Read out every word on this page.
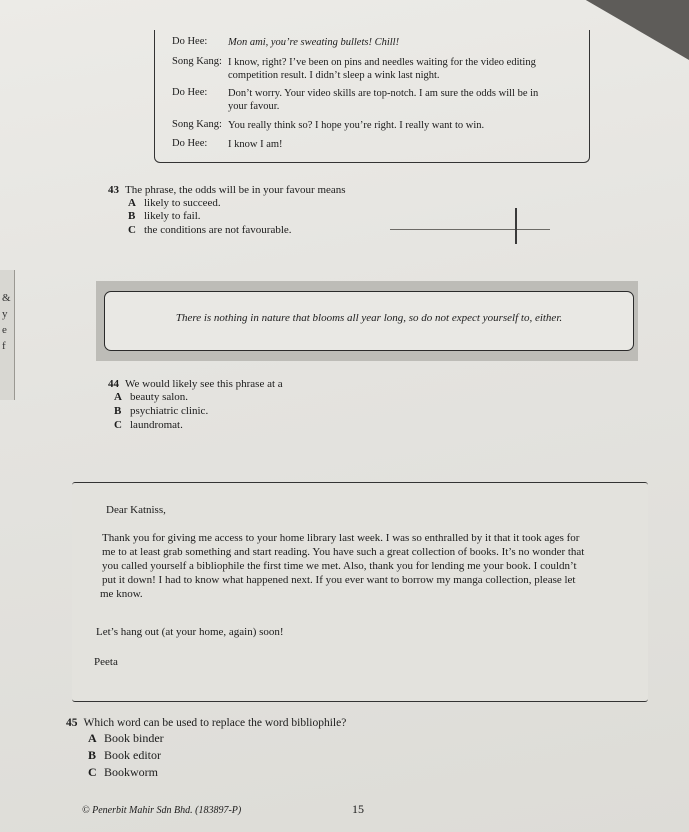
&
y
e
f
Do Hee: Mon ami, you’re sweating bullets! Chill!
Song Kang: I know, right? I’ve been on pins and needles waiting for the video editing
competition result. I didn’t sleep a wink last night.
Do Hee: Don’t worry. Your video skills are top-notch. I am sure the odds will be in
your favour.
Song Kang: You really think so? I hope you’re right. I really want to win.
Do Hee: I know I am!
43 The phrase, the odds will be in your favour means
A likely to succeed.
B likely to fail.
C the conditions are not favourable.
There is nothing in nature that blooms all year long, so do not expect yourself to, either.
44 We would likely see this phrase at a
A beauty salon.
B psychiatric clinic.
C laundromat.
Dear Katniss,
Thank you for giving me access to your home library last week. I was so enthralled by it that it took ages for
me to at least grab something and start reading. You have such a great collection of books. It’s no wonder that
you called yourself a bibliophile the first time we met. Also, thank you for lending me your book. I couldn’t
put it down! I had to know what happened next. If you ever want to borrow my manga collection, please let
me know.
Let’s hang out (at your home, again) soon!
Peeta
45 Which word can be used to replace the word bibliophile?
A Book binder
B Book editor
C Bookworm
© Penerbit Mahir Sdn Bhd. (183897-P)	15
